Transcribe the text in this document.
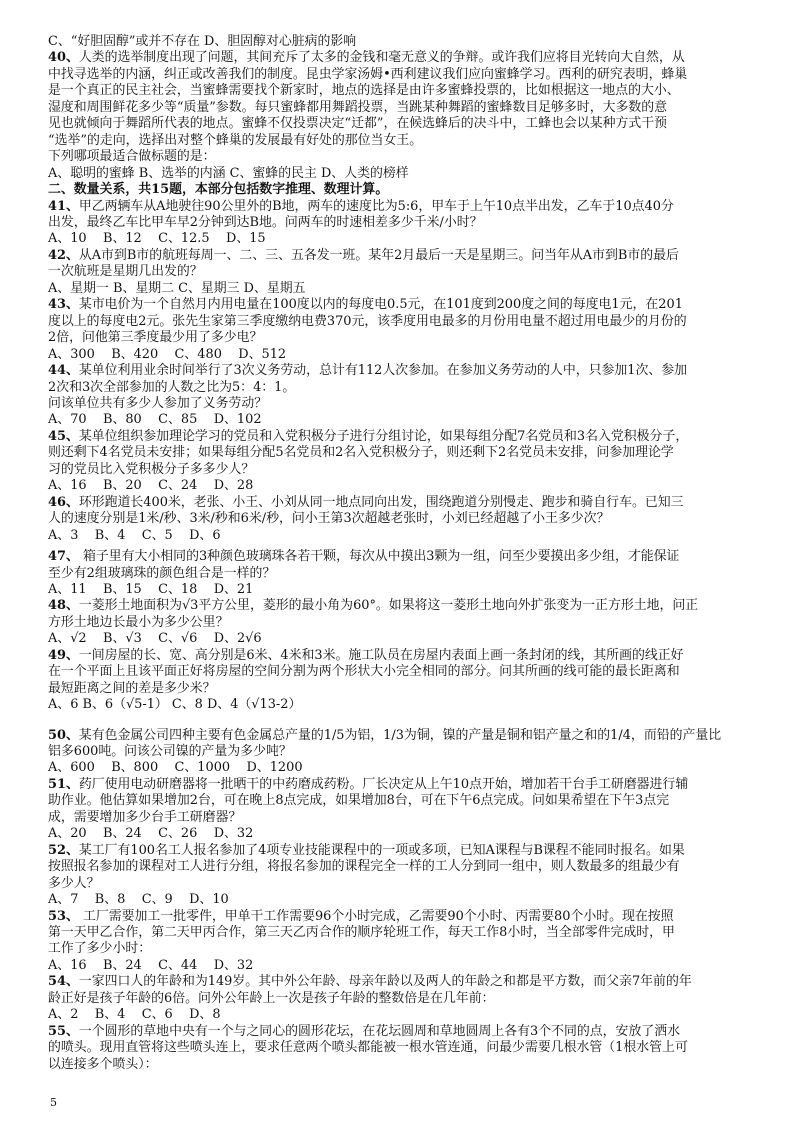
C、“好胆固醇”或并不存在 D、胆固醇对心脏病的影响
40、人类的选举制度出现了问题，其间充斥了太多的金钱和毫无意义的争辩。或许我们应将目光转向大自然，从
中找寻选举的内涵，纠正或改善我们的制度。昆虫学家汤姆•西利建议我们应向蜜蜂学习。西利的研究表明，蜂巢
是一个真正的民主社会，当蜜蜂需要找个新家时，地点的选择是由许多蜜蜂投票的，比如根据这一地点的大小、
湿度和周围鲜花多少等“质量”参数。每只蜜蜂都用舞蹈投票，当跳某种舞蹈的蜜蜂数目足够多时，大多数的意
见也就倾向于舞蹈所代表的地点。蜜蜂不仅投票决定“迁都”，在候选蜂后的决斗中，工蜂也会以某种方式干预
“选举”的走向，选择出对整个蜂巢的发展最有好处的那位当女王。
下列哪项最适合做标题的是：
A、聪明的蜜蜂 B、选举的内涵 C、蜜蜂的民主 D、人类的榜样
二、数量关系，共15题，本部分包括数字推理、数理计算。
41、甲乙两辆车从A地驶往90公里外的B地，两车的速度比为5:6，甲车于上午10点半出发，乙车于10点40分
出发，最终乙车比甲车早2分钟到达B地。问两车的时速相差多少千米/小时？
A、10    B、12    C、12.5    D、15
42、从A市到B市的航班每周一、二、三、五各发一班。某年2月最后一天是星期三。问当年从A市到B市的最后
一次航班是星期几出发的？
A、星期一 B、星期二 C、星期三 D、星期五
43、某市电价为一个自然月内用电量在100度以内的每度电0.5元，在101度到200度之间的每度电1元，在201
度以上的每度电2元。张先生家第三季度缴纳电费370元，该季度用电最多的月份用电量不超过用电最少的月份的
2倍，问他第三季度最少用了多少电？
A、300    B、420    C、480    D、512
44、某单位利用业余时间举行了3次义务劳动，总计有112人次参加。在参加义务劳动的人中，只参加1次、参加
2次和3次全部参加的人数之比为5：4：1。
问该单位共有多少人参加了义务劳动？
A、70    B、80    C、85    D、102
45、某单位组织参加理论学习的党员和入党积极分子进行分组讨论，如果每组分配7名党员和3名入党积极分子，
则还剩下4名党员未安排；如果每组分配5名党员和2名入党积极分子，则还剩下2名党员未安排，问参加理论学
习的党员比入党积极分子多多少人？
A、16    B、20    C、24    D、28
46、环形跑道长400米，老张、小王、小刘从同一地点同向出发，围绕跑道分别慢走、跑步和骑自行车。已知三
人的速度分别是1米/秒、3米/秒和6米/秒，问小王第3次超越老张时，小刘已经超越了小王多少次？
A、3    B、4    C、5    D、6
47、 箱子里有大小相同的3种颜色玻璃珠各若干颗，每次从中摸出3颗为一组，问至少要摸出多少组，才能保证
至少有2组玻璃珠的颜色组合是一样的？
A、11    B、15    C、18    D、21
48、一菱形土地面积为√3平方公里，菱形的最小角为60°。如果将这一菱形土地向外扩张变为一正方形土地，问正
方形土地边长最小为多少公里？
A、√2    B、√3    C、√6    D、2√6
49、一间房屋的长、宽、高分别是6米、4米和3米。施工队员在房屋内表面上画一条封闭的线，其所画的线正好
在一个平面上且该平面正好将房屋的空间分割为两个形状大小完全相同的部分。问其所画的线可能的最长距离和
最短距离之间的差是多少米？
A、6 B、6（√5-1） C、8 D、4（√13-2）
50、某有色金属公司四种主要有色金属总产量的1/5为铝，1/3为铜，镍的产量是铜和铝产量之和的1/4，而铅的产量比
铝多600吨。问该公司镍的产量为多少吨？
A、600    B、800    C、1000    D、1200
51、药厂使用电动研磨器将一批晒干的中药磨成药粉。厂长决定从上午10点开始，增加若干台手工研磨器进行辅
助作业。他估算如果增加2台，可在晚上8点完成，如果增加8台，可在下午6点完成。问如果希望在下午3点完
成，需要增加多少台手工研磨器？
A、20    B、24    C、26    D、32
52、某工厂有100名工人报名参加了4项专业技能课程中的一项或多项，已知A课程与B课程不能同时报名。如果
按照报名参加的课程对工人进行分组，将报名参加的课程完全一样的工人分到同一组中，则人数最多的组最少有
多少人？
A、7    B、8    C、9    D、10
53、 工厂需要加工一批零件，甲单干工作需要96个小时完成，乙需要90个小时、丙需要80个小时。现在按照
第一天甲乙合作，第二天甲丙合作，第三天乙丙合作的顺序轮班工作，每天工作8小时，当全部零件完成时，甲
工作了多少小时：
A、16    B、24    C、44    D、32
54、一家四口人的年龄和为149岁。其中外公年龄、母亲年龄以及两人的年龄之和都是平方数，而父亲7年前的年
龄正好是孩子年龄的6倍。问外公年龄上一次是孩子年龄的整数倍是在几年前：
A、2    B、4    C、6    D、8
55、一个圆形的草地中央有一个与之同心的圆形花坛，在花坛圆周和草地圆周上各有3个不同的点，安放了洒水
的喷头。现用直管将这些喷头连上，要求任意两个喷头都能被一根水管连通，问最少需要几根水管（1根水管上可
以连接多个喷头）：
5
